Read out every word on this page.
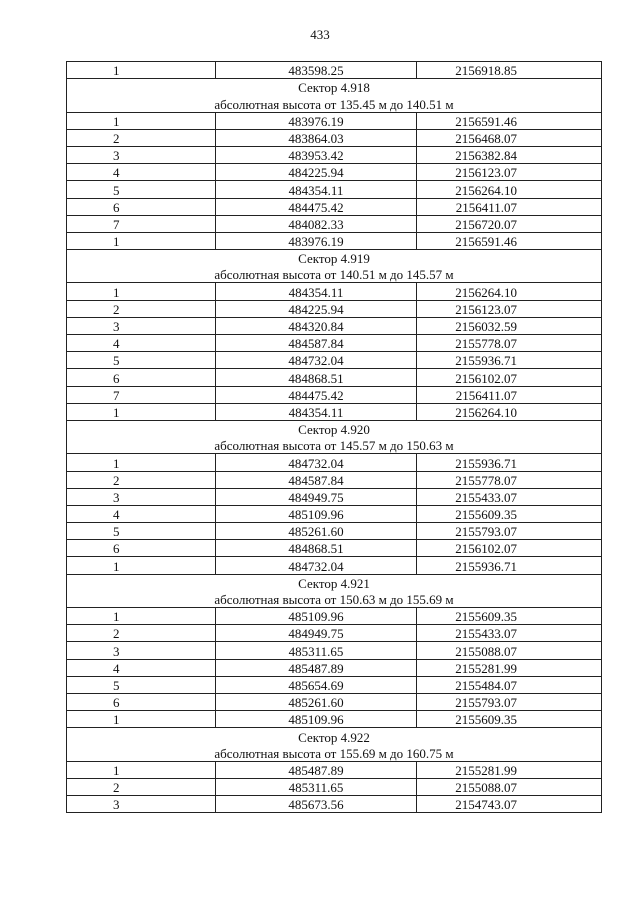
433
1	483598.25	2156918.85
Сектор 4.918		
абсолютная высота от 135.45 м до 140.51 м		
1	483976.19	2156591.46
2	483864.03	2156468.07
3	483953.42	2156382.84
4	484225.94	2156123.07
5	484354.11	2156264.10
6	484475.42	2156411.07
7	484082.33	2156720.07
1	483976.19	2156591.46
Сектор 4.919		
абсолютная высота от 140.51 м до 145.57 м		
1	484354.11	2156264.10
2	484225.94	2156123.07
3	484320.84	2156032.59
4	484587.84	2155778.07
5	484732.04	2155936.71
6	484868.51	2156102.07
7	484475.42	2156411.07
1	484354.11	2156264.10
Сектор 4.920		
абсолютная высота от 145.57 м до 150.63 м		
1	484732.04	2155936.71
2	484587.84	2155778.07
3	484949.75	2155433.07
4	485109.96	2155609.35
5	485261.60	2155793.07
6	484868.51	2156102.07
1	484732.04	2155936.71
Сектор 4.921		
абсолютная высота от 150.63 м до 155.69 м		
1	485109.96	2155609.35
2	484949.75	2155433.07
3	485311.65	2155088.07
4	485487.89	2155281.99
5	485654.69	2155484.07
6	485261.60	2155793.07
1	485109.96	2155609.35
Сектор 4.922		
абсолютная высота от 155.69 м до 160.75 м		
1	485487.89	2155281.99
2	485311.65	2155088.07
3	485673.56	2154743.07
